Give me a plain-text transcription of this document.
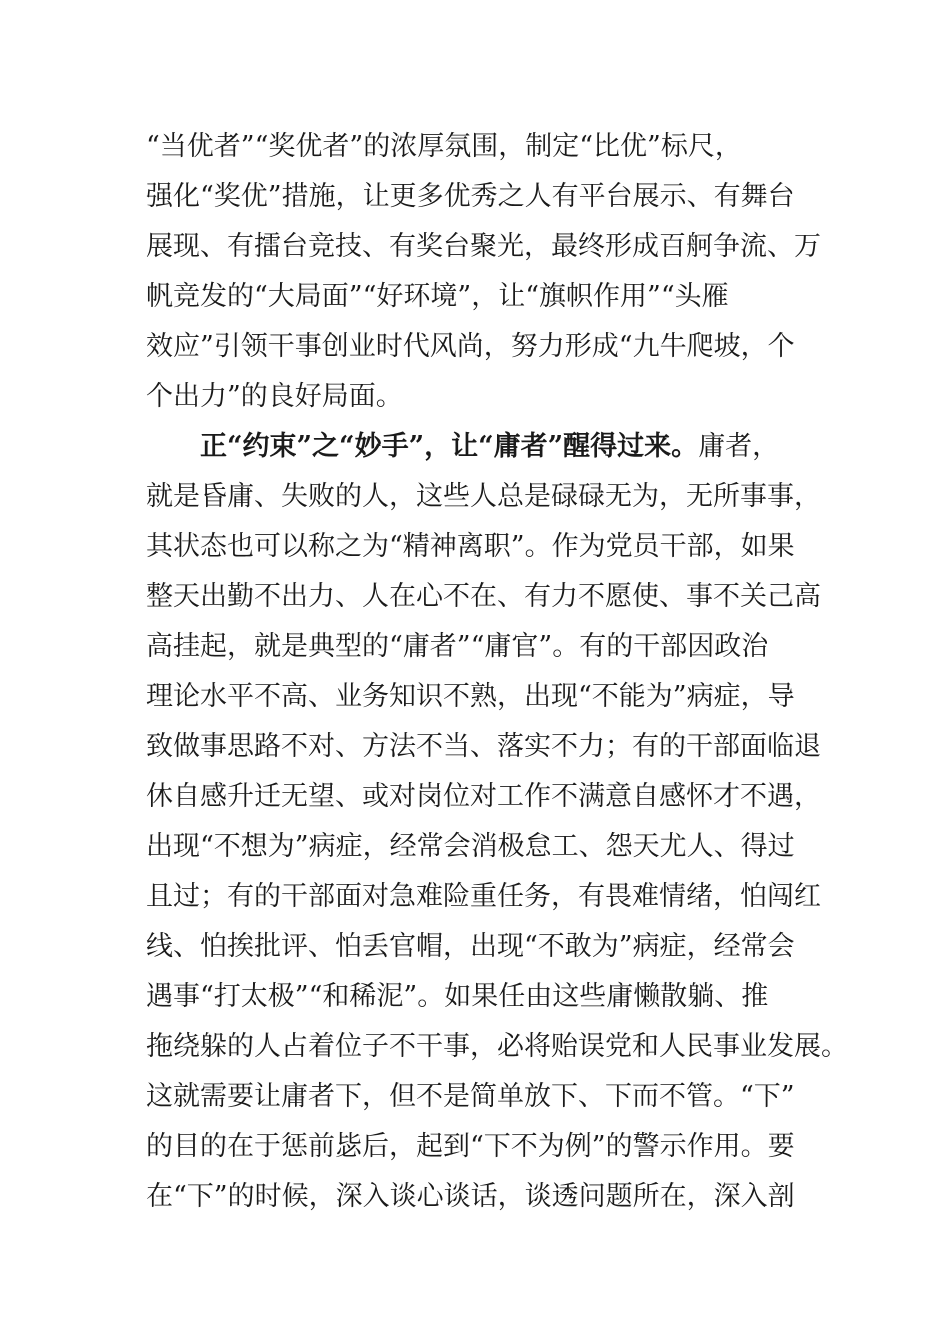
“当优者”“奖优者”的浓厚氛围，制定“比优”标尺，
强化“奖优”措施，让更多优秀之人有平台展示、有舞台
展现、有擂台竞技、有奖台聚光，最终形成百舸争流、万
帆竞发的“大局面”“好环境”，让“旗帜作用”“头雁
效应”引领干事创业时代风尚，努力形成“九牛爬坡，个
个出力”的良好局面。
正“约束”之“妙手”，让“庸者”醒得过来。庸者，
就是昏庸、失败的人，这些人总是碌碌无为，无所事事，
其状态也可以称之为“精神离职”。作为党员干部，如果
整天出勤不出力、人在心不在、有力不愿使、事不关己高
高挂起，就是典型的“庸者”“庸官”。有的干部因政治
理论水平不高、业务知识不熟，出现“不能为”病症，导
致做事思路不对、方法不当、落实不力；有的干部面临退
休自感升迁无望、或对岗位对工作不满意自感怀才不遇，
出现“不想为”病症，经常会消极怠工、怨天尤人、得过
且过；有的干部面对急难险重任务，有畏难情绪，怕闯红
线、怕挨批评、怕丢官帽，出现“不敢为”病症，经常会
遇事“打太极”“和稀泥”。如果任由这些庸懒散躺、推
拖绕躲的人占着位子不干事，必将贻误党和人民事业发展。
这就需要让庸者下，但不是简单放下、下而不管。“下”
的目的在于惩前毖后，起到“下不为例”的警示作用。要
在“下”的时候，深入谈心谈话，谈透问题所在，深入剖
